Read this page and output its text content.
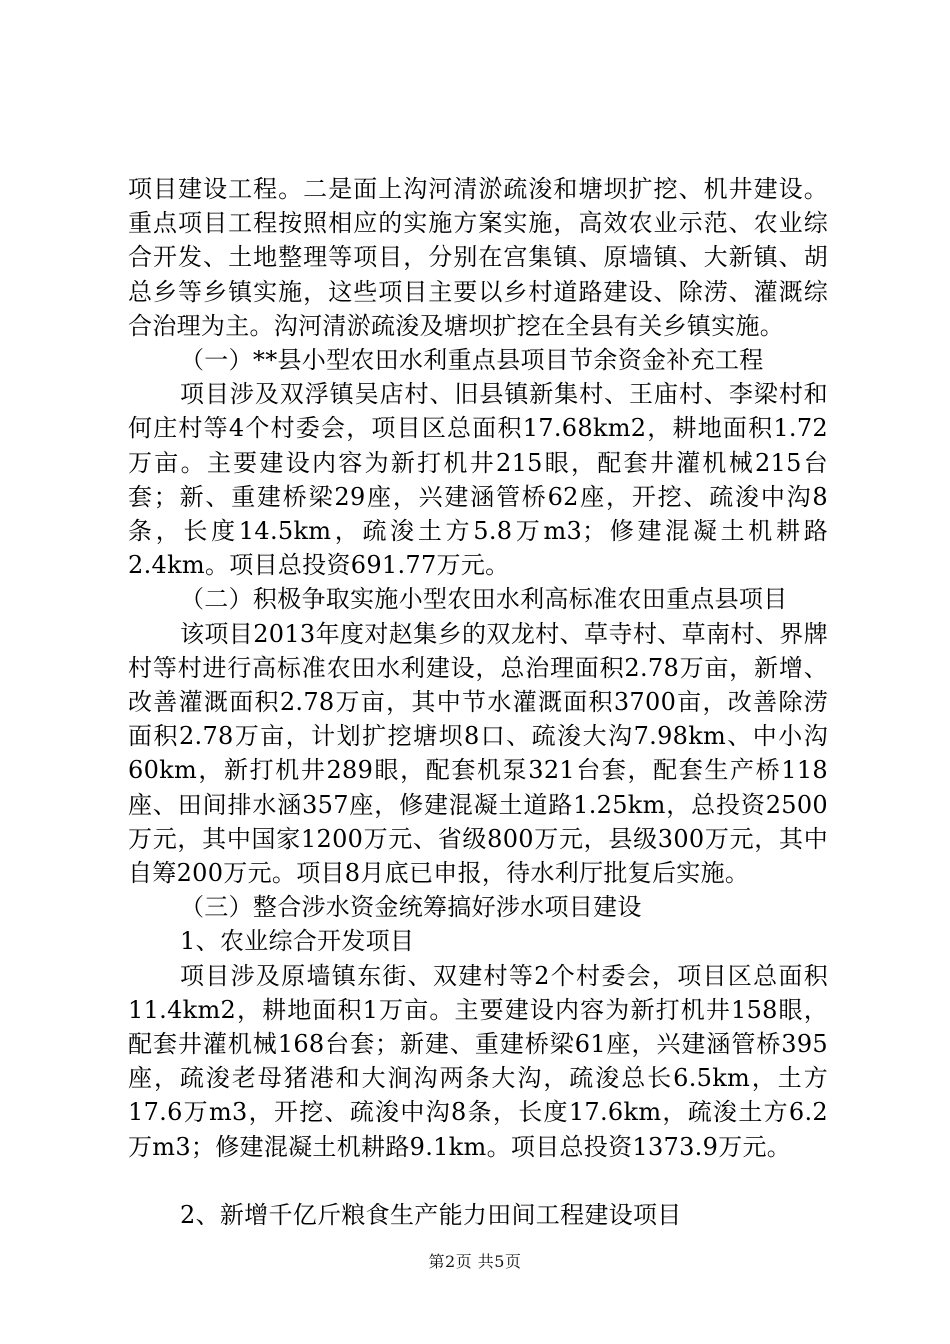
项目建设工程。二是面上沟河清淤疏浚和塘坝扩挖、机井建设。重点项目工程按照相应的实施方案实施，高效农业示范、农业综合开发、土地整理等项目，分别在宫集镇、原墙镇、大新镇、胡总乡等乡镇实施，这些项目主要以乡村道路建设、除涝、灌溉综合治理为主。沟河清淤疏浚及塘坝扩挖在全县有关乡镇实施。

（一）**县小型农田水利重点县项目节余资金补充工程

项目涉及双浮镇吴店村、旧县镇新集村、王庙村、李梁村和何庄村等4个村委会，项目区总面积17.68km2，耕地面积1.72万亩。主要建设内容为新打机井215眼，配套井灌机械215台套；新、重建桥梁29座，兴建涵管桥62座，开挖、疏浚中沟8条，长度14.5km，疏浚土方5.8万m3；修建混凝土机耕路2.4km。项目总投资691.77万元。

（二）积极争取实施小型农田水利高标准农田重点县项目

该项目2013年度对赵集乡的双龙村、草寺村、草南村、界牌村等村进行高标准农田水利建设，总治理面积2.78万亩，新增、改善灌溉面积2.78万亩，其中节水灌溉面积3700亩，改善除涝面积2.78万亩，计划扩挖塘坝8口、疏浚大沟7.98km、中小沟60km，新打机井289眼，配套机泵321台套，配套生产桥118座、田间排水涵357座，修建混凝土道路1.25km，总投资2500万元，其中国家1200万元、省级800万元，县级300万元，其中自筹200万元。项目8月底已申报，待水利厅批复后实施。

（三）整合涉水资金统筹搞好涉水项目建设

1、农业综合开发项目

项目涉及原墙镇东街、双建村等2个村委会，项目区总面积11.4km2，耕地面积1万亩。主要建设内容为新打机井158眼，配套井灌机械168台套；新建、重建桥梁61座，兴建涵管桥395座，疏浚老母猪港和大涧沟两条大沟，疏浚总长6.5km，土方17.6万m3，开挖、疏浚中沟8条，长度17.6km，疏浚土方6.2万m3；修建混凝土机耕路9.1km。项目总投资1373.9万元。

2、新增千亿斤粮食生产能力田间工程建设项目

第2页 共5页
